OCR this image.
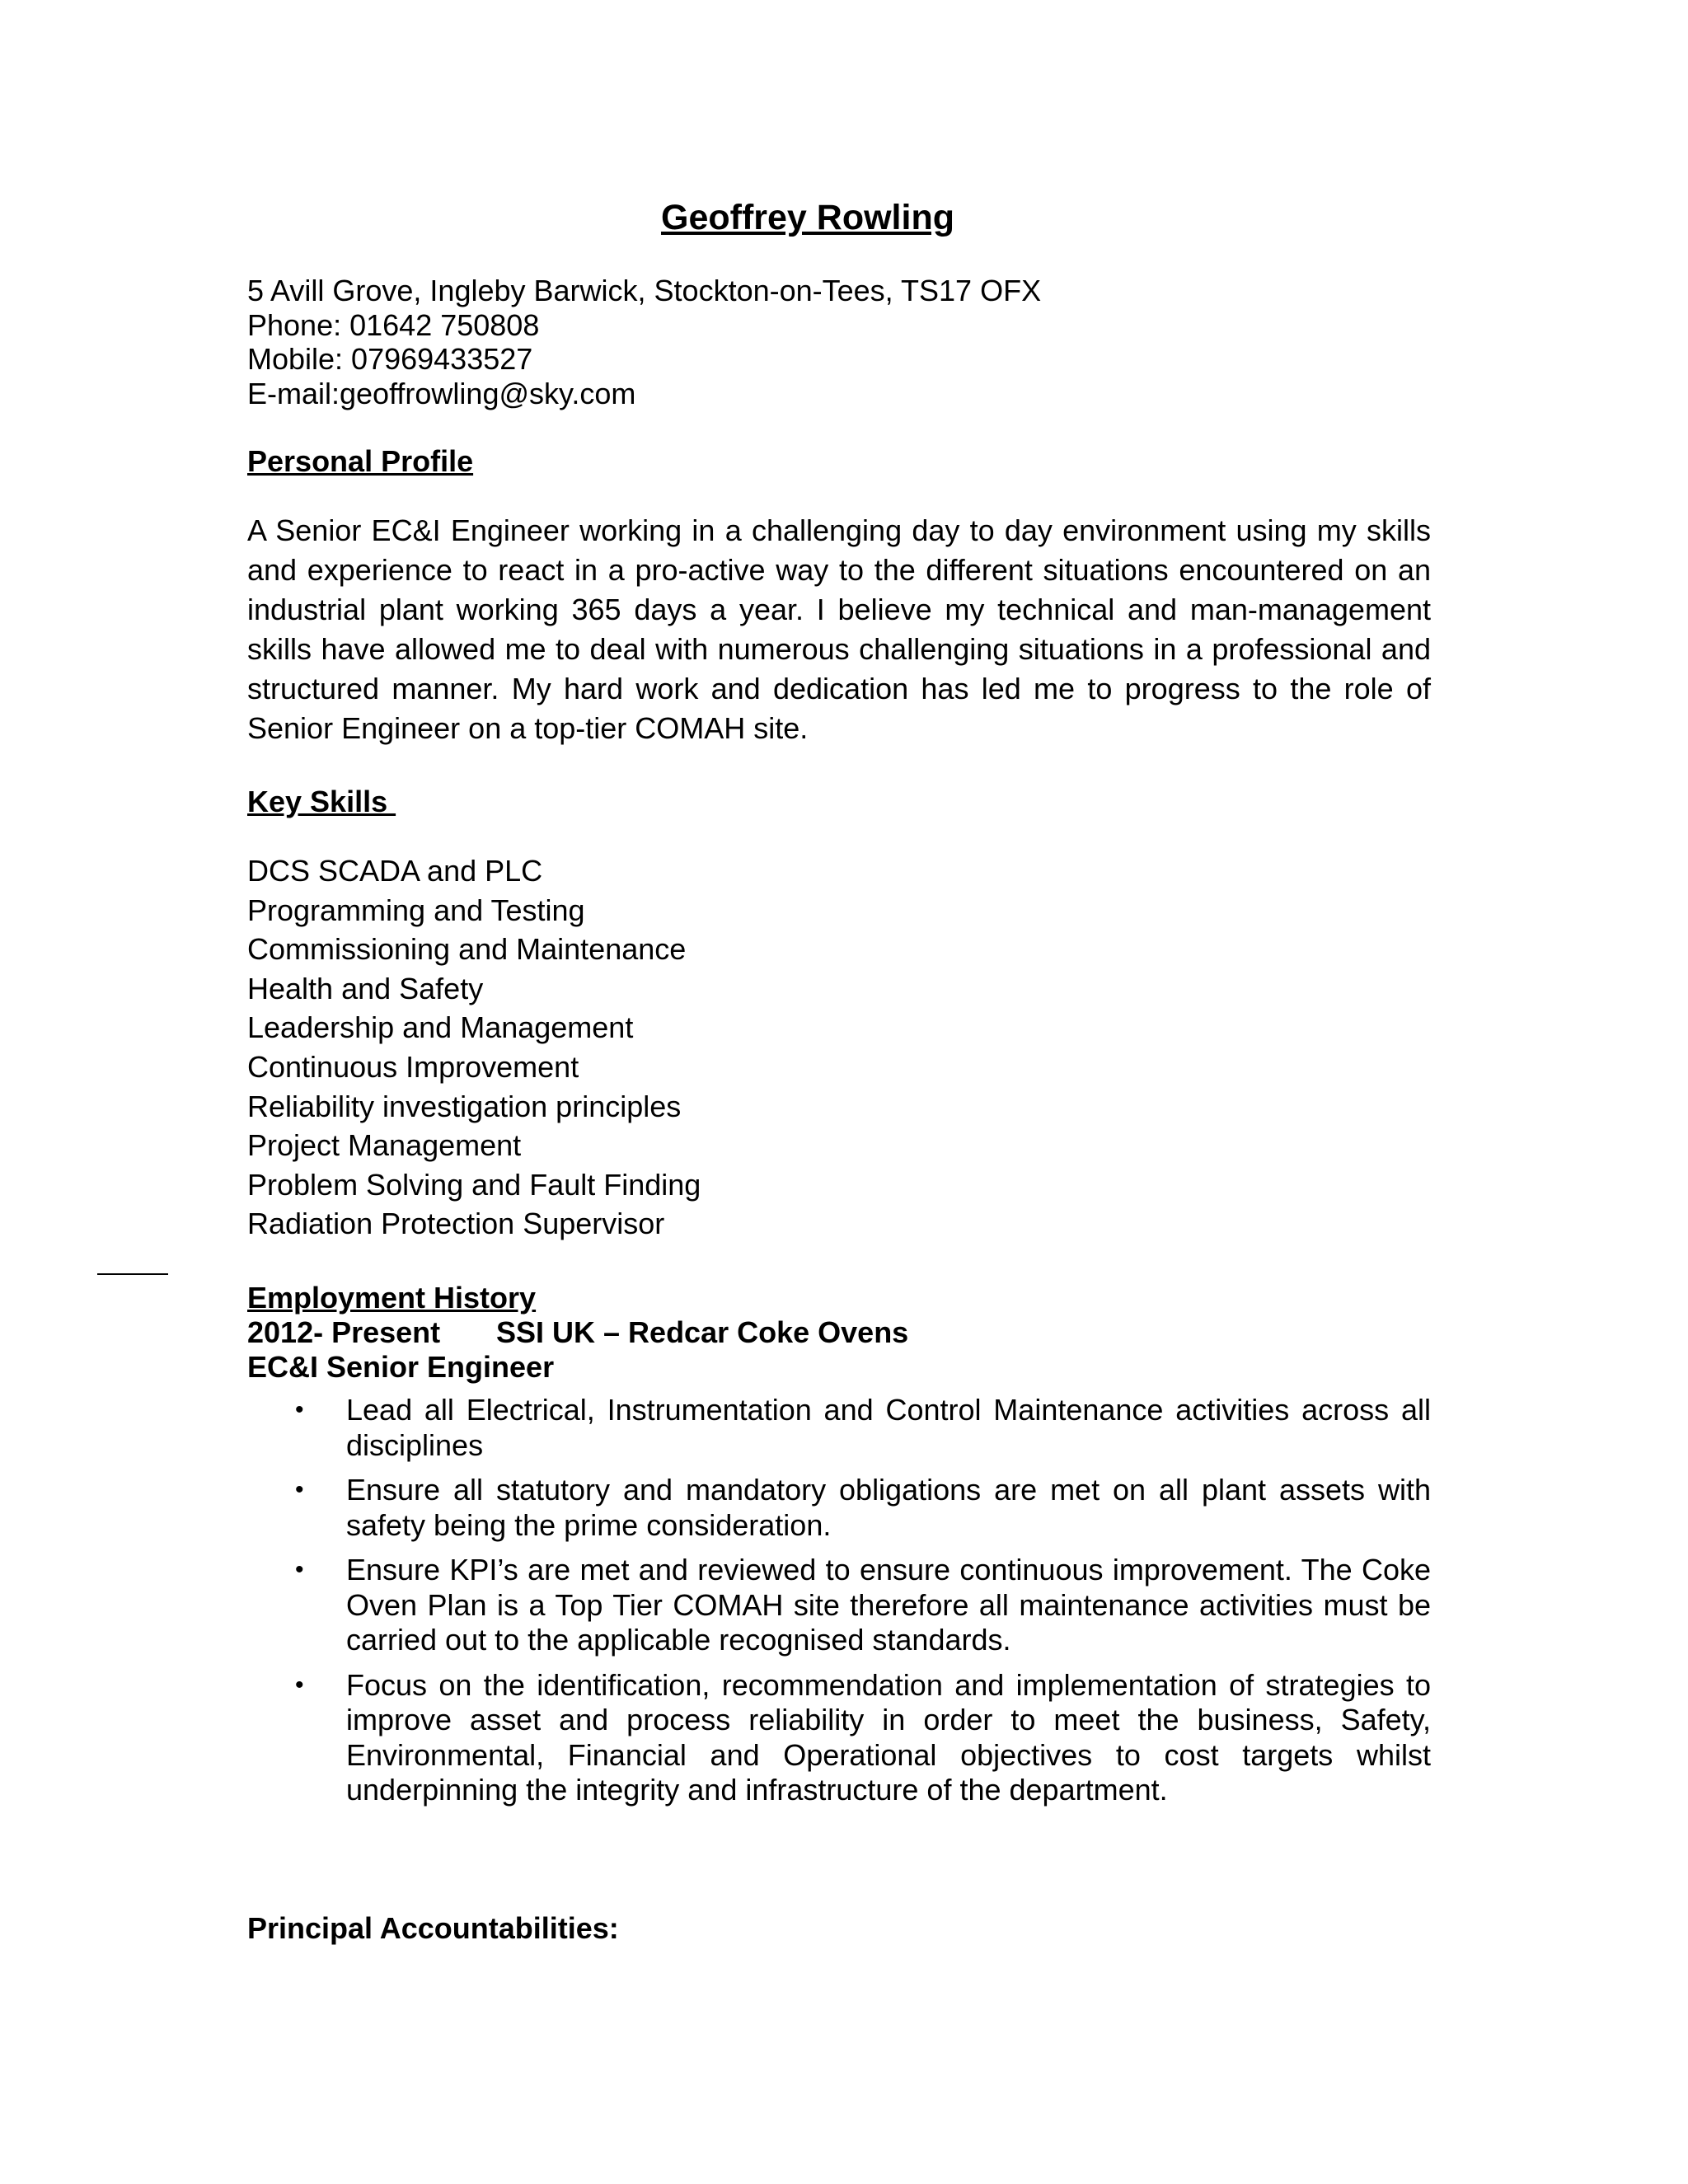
Geoffrey Rowling
5 Avill Grove, Ingleby Barwick, Stockton-on-Tees, TS17 OFX
Phone: 01642 750808
Mobile: 07969433527
E-mail:geoffrowling@sky.com
Personal Profile
A Senior EC&I Engineer working in a challenging day to day environment using my skills and experience to react in a pro-active way to the different situations encountered on an industrial plant working 365 days a year. I believe my technical and man-management skills have allowed me to deal with numerous challenging situations in a professional and structured manner. My hard work and dedication has led me to progress to the role of Senior Engineer on a top-tier COMAH site.
Key Skills
DCS SCADA and PLC
Programming and Testing
Commissioning and Maintenance
Health and Safety
Leadership and Management
Continuous Improvement
Reliability investigation principles
Project Management
Problem Solving and Fault Finding
Radiation Protection Supervisor
Employment History
2012- Present SSI UK – Redcar Coke Ovens
EC&I Senior Engineer
• Lead all Electrical, Instrumentation and Control Maintenance activities across all disciplines
• Ensure all statutory and mandatory obligations are met on all plant assets with safety being the prime consideration.
• Ensure KPI’s are met and reviewed to ensure continuous improvement. The Coke Oven Plan is a Top Tier COMAH site therefore all maintenance activities must be carried out to the applicable recognised standards.
• Focus on the identification, recommendation and implementation of strategies to improve asset and process reliability in order to meet the business, Safety, Environmental, Financial and Operational objectives to cost targets whilst underpinning the integrity and infrastructure of the department.
Principal Accountabilities:
